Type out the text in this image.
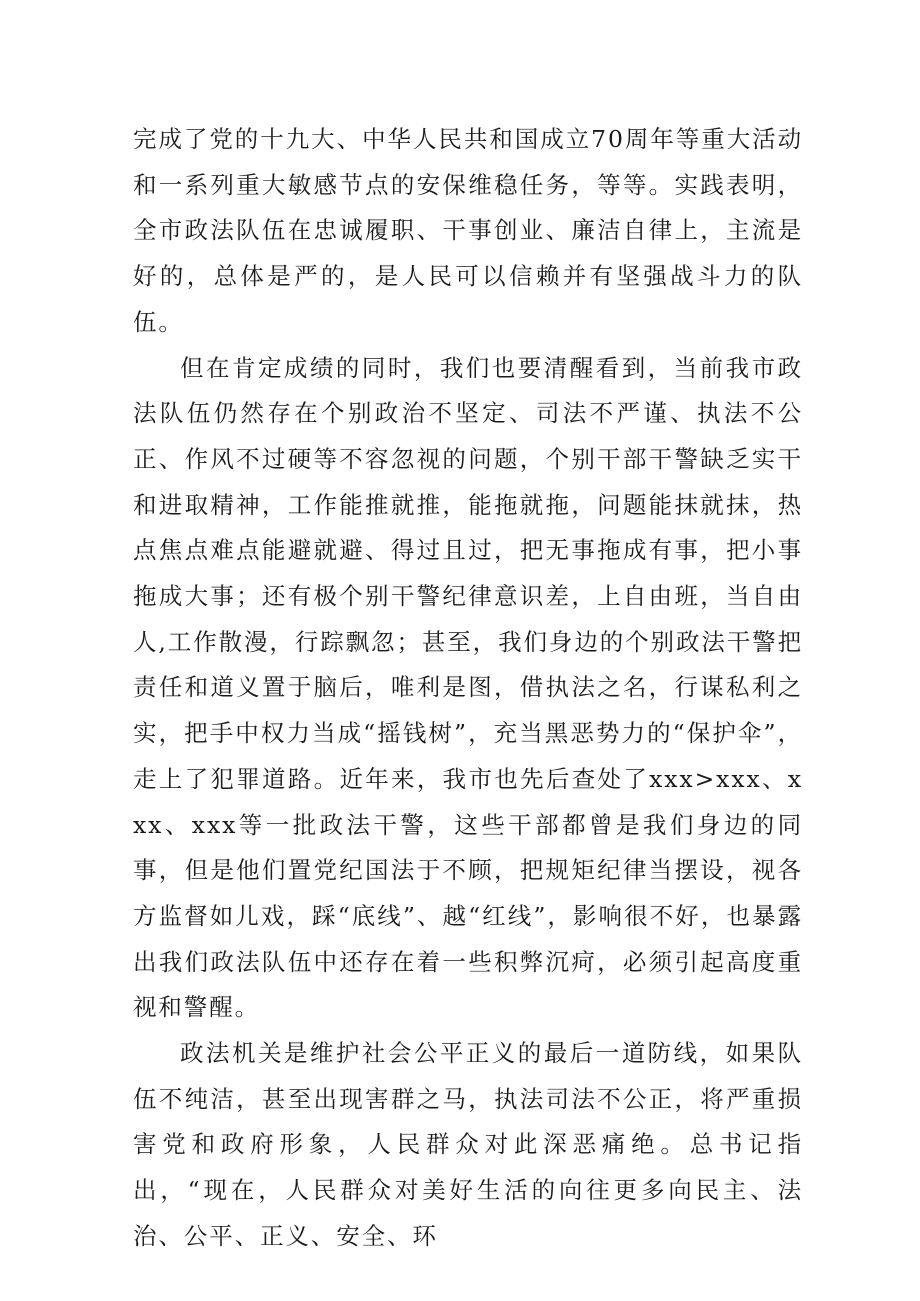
完成了党的十九大、中华人民共和国成立70周年等重大活动和一系列重大敏感节点的安保维稳任务，等等。实践表明，全市政法队伍在忠诚履职、干事创业、廉洁自律上，主流是好的，总体是严的，是人民可以信赖并有坚强战斗力的队伍。

但在肯定成绩的同时，我们也要清醒看到，当前我市政法队伍仍然存在个别政治不坚定、司法不严谨、执法不公正、作风不过硬等不容忽视的问题，个别干部干警缺乏实干和进取精神，工作能推就推，能拖就拖，问题能抹就抹，热点焦点难点能避就避、得过且过，把无事拖成有事，把小事拖成大事；还有极个别干警纪律意识差，上自由班，当自由人,工作散漫，行踪飘忽；甚至，我们身边的个别政法干警把责任和道义置于脑后，唯利是图，借执法之名，行谋私利之实，把手中权力当成“摇钱树”，充当黑恶势力的“保护伞”，走上了犯罪道路。近年来，我市也先后查处了xxx>xxx、xxx、xxx等一批政法干警，这些干部都曾是我们身边的同事，但是他们置党纪国法于不顾，把规矩纪律当摆设，视各方监督如儿戏，踩“底线”、越“红线”，影响很不好，也暴露出我们政法队伍中还存在着一些积弊沉疴，必须引起高度重视和警醒。

政法机关是维护社会公平正义的最后一道防线，如果队伍不纯洁，甚至出现害群之马，执法司法不公正，将严重损害党和政府形象，人民群众对此深恶痛绝。总书记指出，“现在，人民群众对美好生活的向往更多向民主、法治、公平、正义、安全、环
